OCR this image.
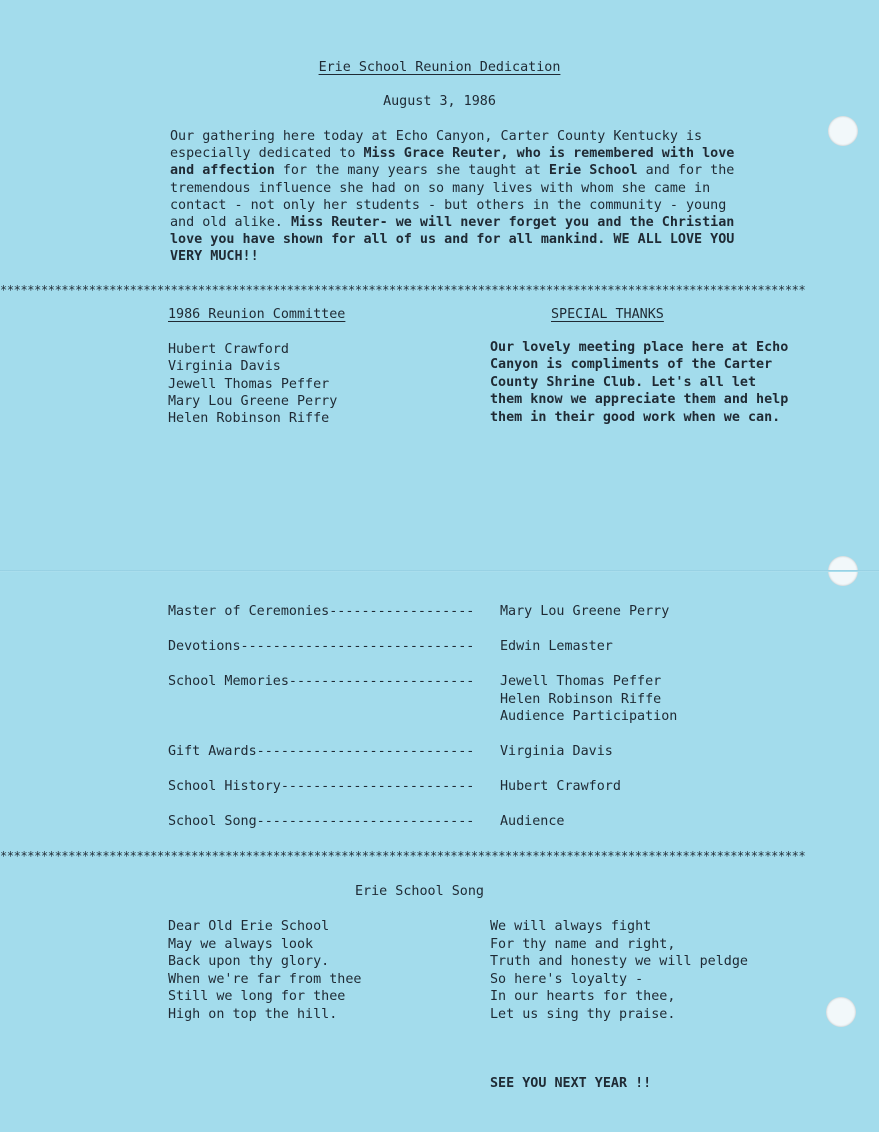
Erie School Reunion Dedication
August 3, 1986
Our gathering here today at Echo Canyon, Carter County Kentucky is especially dedicated to Miss Grace Reuter, who is remembered with love and affection for the many years she taught at Erie School and for the tremendous influence she had on so many lives with whom she came in contact - not only her students - but others in the community - young and old alike. Miss Reuter- we will never forget you and the Christian love you have shown for all of us and for all mankind. WE ALL LOVE YOU VERY MUCH!!
**********************************************************************************************************************
1986 Reunion Committee
Hubert Crawford
Virginia Davis
Jewell Thomas Peffer
Mary Lou Greene Perry
Helen Robinson Riffe
SPECIAL THANKS
Our lovely meeting place here at Echo Canyon is compliments of the Carter County Shrine Club. Let's all let them know we appreciate them and help them in their good work when we can.
Master of Ceremonies------------------ Mary Lou Greene Perry
Devotions----------------------------- Edwin Lemaster
School Memories----------------------- Jewell Thomas Peffer
Helen Robinson Riffe
Audience Participation
Gift Awards--------------------------- Virginia Davis
School History------------------------ Hubert Crawford
School Song--------------------------- Audience
**********************************************************************************************************************
Erie School Song
Dear Old Erie School
May we always look
Back upon thy glory.
When we're far from thee
Still we long for thee
High on top the hill.
We will always fight
For thy name and right,
Truth and honesty we will peldge
So here's loyalty -
In our hearts for thee,
Let us sing thy praise.
SEE YOU NEXT YEAR !!
